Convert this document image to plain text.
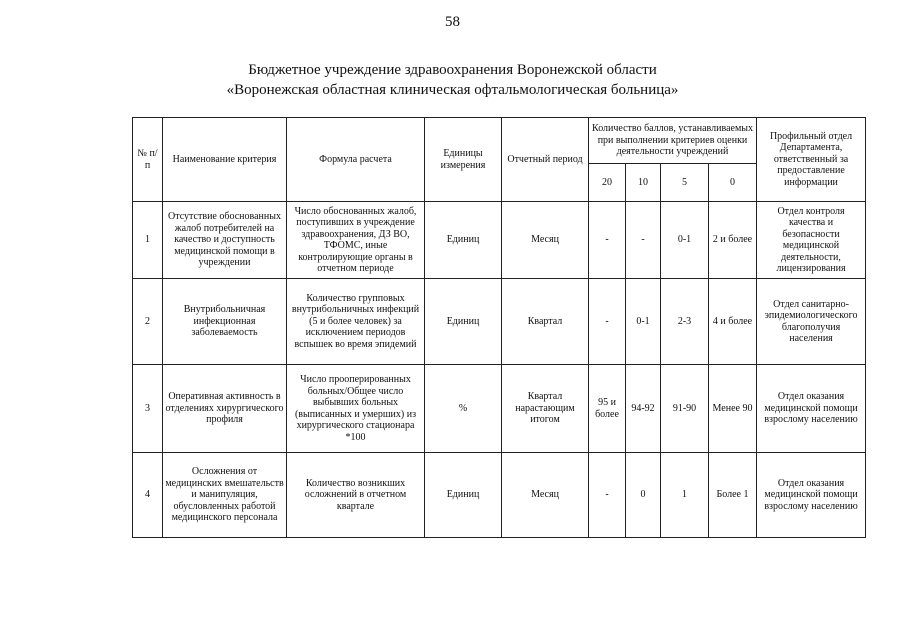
58
Бюджетное учреждение здравоохранения Воронежской области
«Воронежская областная клиническая офтальмологическая больница»
№ п/п	Наименование критерия	Формула расчета	Единицы измерения	Отчетный период	Количество баллов, устанавливаемых при выполнении критериев оценки деятельности учреждений				Профильный отдел Департамента, ответственный за предоставление информации
					20	10	5	0	
1	Отсутствие обоснованных жалоб потребителей на качество и доступность медицинской помощи в учреждении	Число обоснованных жалоб, поступивших в учреждение здравоохранения, ДЗ ВО, ТФОМС, иные контролирующие органы в отчетном периоде	Единиц	Месяц	-	-	0-1	2 и более	Отдел контроля качества и безопасности медицинской деятельности, лицензирования
2	Внутрибольничная инфекционная заболеваемость	Количество групповых внутрибольничных инфекций (5 и более человек) за исключением периодов вспышек во время эпидемий	Единиц	Квартал	-	0-1	2-3	4 и более	Отдел санитарно-эпидемиологического благополучия населения
3	Оперативная активность в отделениях хирургического профиля	Число прооперированных больных/Общее число выбывших больных (выписанных и умерших) из хирургического стационара *100	%	Квартал нарастающим итогом	95 и более	94-92	91-90	Менее 90	Отдел оказания медицинской помощи взрослому населению
4	Осложнения от медицинских вмешательств и манипуляция, обусловленных работой медицинского персонала	Количество возникших осложнений в отчетном квартале	Единиц	Месяц	-	0	1	Более 1	Отдел оказания медицинской помощи взрослому населению
